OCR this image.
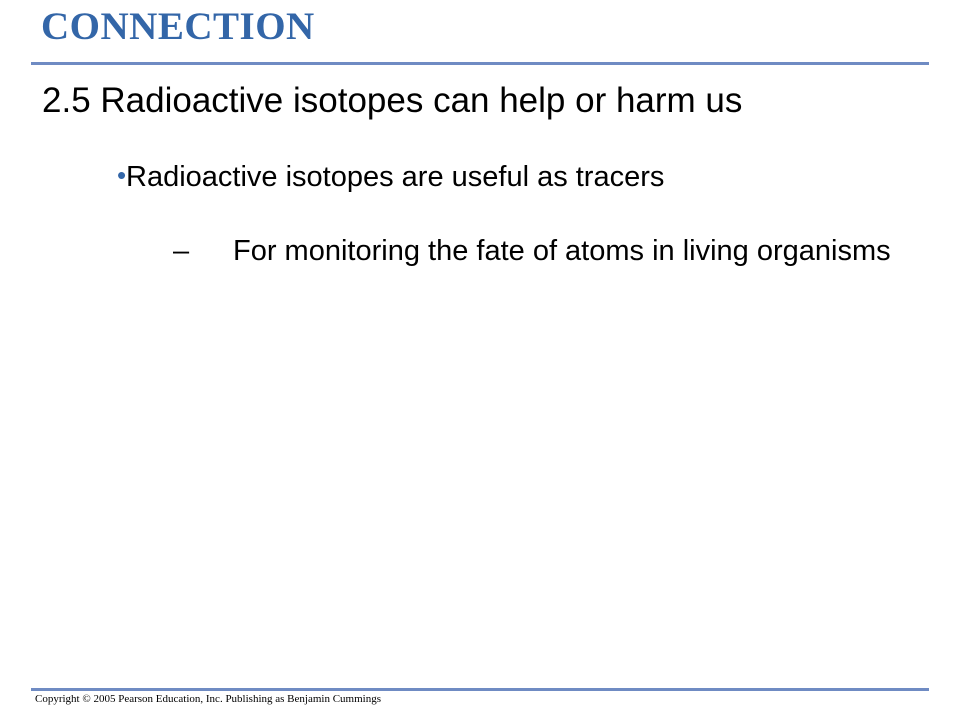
CONNECTION
2.5 Radioactive isotopes can help or harm us
• Radioactive isotopes are useful as tracers
– For monitoring the fate of atoms in living organisms
Copyright © 2005 Pearson Education, Inc. Publishing as Benjamin Cummings
